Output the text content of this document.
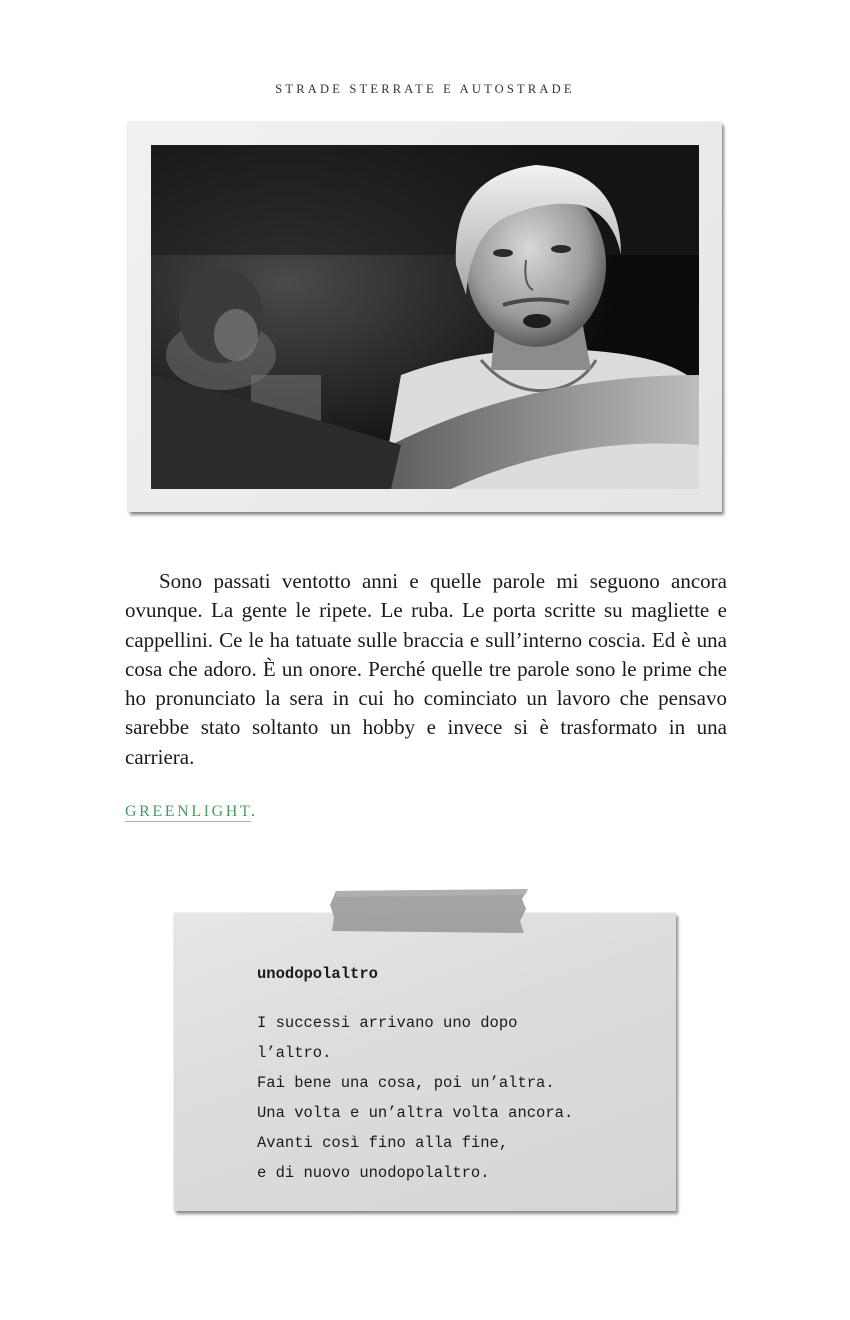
STRADE STERRATE E AUTOSTRADE

Sono passati ventotto anni e quelle parole mi seguono ancora ovunque. La gente le ripete. Le ruba. Le porta scritte su magliette e cappellini. Ce le ha tatuate sulle braccia e sull’interno coscia. Ed è una cosa che adoro. È un onore. Perché quelle tre parole sono le prime che ho pronunciato la sera in cui ho cominciato un lavoro che pensavo sarebbe stato soltanto un hobby e invece si è trasformato in una carriera.

GREENLIGHT.
unodopolaltro
I successi arrivano uno dopo
l’altro.
Fai bene una cosa, poi un’altra.
Una volta e un’altra volta ancora.
Avanti così fino alla fine,
e di nuovo unodopolaltro.
